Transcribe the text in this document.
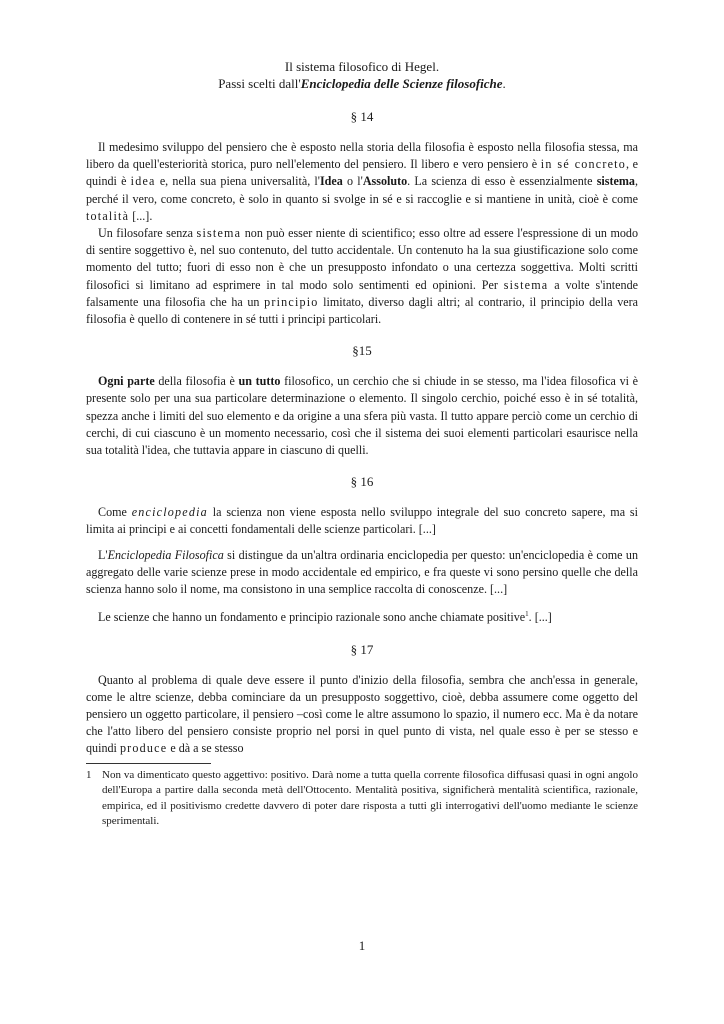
Il sistema filosofico di Hegel.
Passi scelti dall'Enciclopedia delle Scienze filosofiche.
§ 14

Il medesimo sviluppo del pensiero che è esposto nella storia della filosofia è esposto nella filosofia stessa, ma libero da quell'esteriorità storica, puro nell'elemento del pensiero. Il libero e vero pensiero è in sé concreto, e quindi è idea e, nella sua piena universalità, l'Idea o l'Assoluto. La scienza di esso è essenzialmente sistema, perché il vero, come concreto, è solo in quanto si svolge in sé e si raccoglie e si mantiene in unità, cioè è come totalità [...].

Un filosofare senza sistema non può esser niente di scientifico; esso oltre ad essere l'espressione di un modo di sentire soggettivo è, nel suo contenuto, del tutto accidentale. Un contenuto ha la sua giustificazione solo come momento del tutto; fuori di esso non è che un presupposto infondato o una certezza soggettiva. Molti scritti filosofici si limitano ad esprimere in tal modo solo sentimenti ed opinioni. Per sistema a volte s'intende falsamente una filosofia che ha un principio limitato, diverso dagli altri; al contrario, il principio della vera filosofia è quello di contenere in sé tutti i principi particolari.

§15

Ogni parte della filosofia è un tutto filosofico, un cerchio che si chiude in se stesso, ma l'idea filosofica vi è presente solo per una sua particolare determinazione o elemento. Il singolo cerchio, poiché esso è in sé totalità, spezza anche i limiti del suo elemento e da origine a una sfera più vasta. Il tutto appare perciò come un cerchio di cerchi, di cui ciascuno è un momento necessario, così che il sistema dei suoi elementi particolari esaurisce nella sua totalità l'idea, che tuttavia appare in ciascuno di quelli.

§ 16

Come enciclopedia la scienza non viene esposta nello sviluppo integrale del suo concreto sapere, ma si limita ai principi e ai concetti fondamentali delle scienze particolari. [...]

L'Enciclopedia Filosofica si distingue da un'altra ordinaria enciclopedia per questo: un'enciclopedia è come un aggregato delle varie scienze prese in modo accidentale ed empirico, e fra queste vi sono persino quelle che della scienza hanno solo il nome, ma consistono in una semplice raccolta di conoscenze. [...]

Le scienze che hanno un fondamento e principio razionale sono anche chiamate positive$^1$. [...]

§ 17

Quanto al problema di quale deve essere il punto d'inizio della filosofia, sembra che anch'essa in generale, come le altre scienze, debba cominciare da un presupposto soggettivo, cioè, debba assumere come oggetto del pensiero un oggetto particolare, il pensiero –così come le altre assumono lo spazio, il numero ecc. Ma è da notare che l'atto libero del pensiero consiste proprio nel porsi in quel punto di vista, nel quale esso è per se stesso e quindi produce e dà a se stesso

1 Non va dimenticato questo aggettivo: positivo. Darà nome a tutta quella corrente filosofica diffusasi quasi in ogni angolo dell'Europa a partire dalla seconda metà dell'Ottocento. Mentalità positiva, significherà mentalità scientifica, razionale, empirica, ed il positivismo credette davvero di poter dare risposta a tutti gli interrogativi dell'uomo mediante le scienze sperimentali.
1
